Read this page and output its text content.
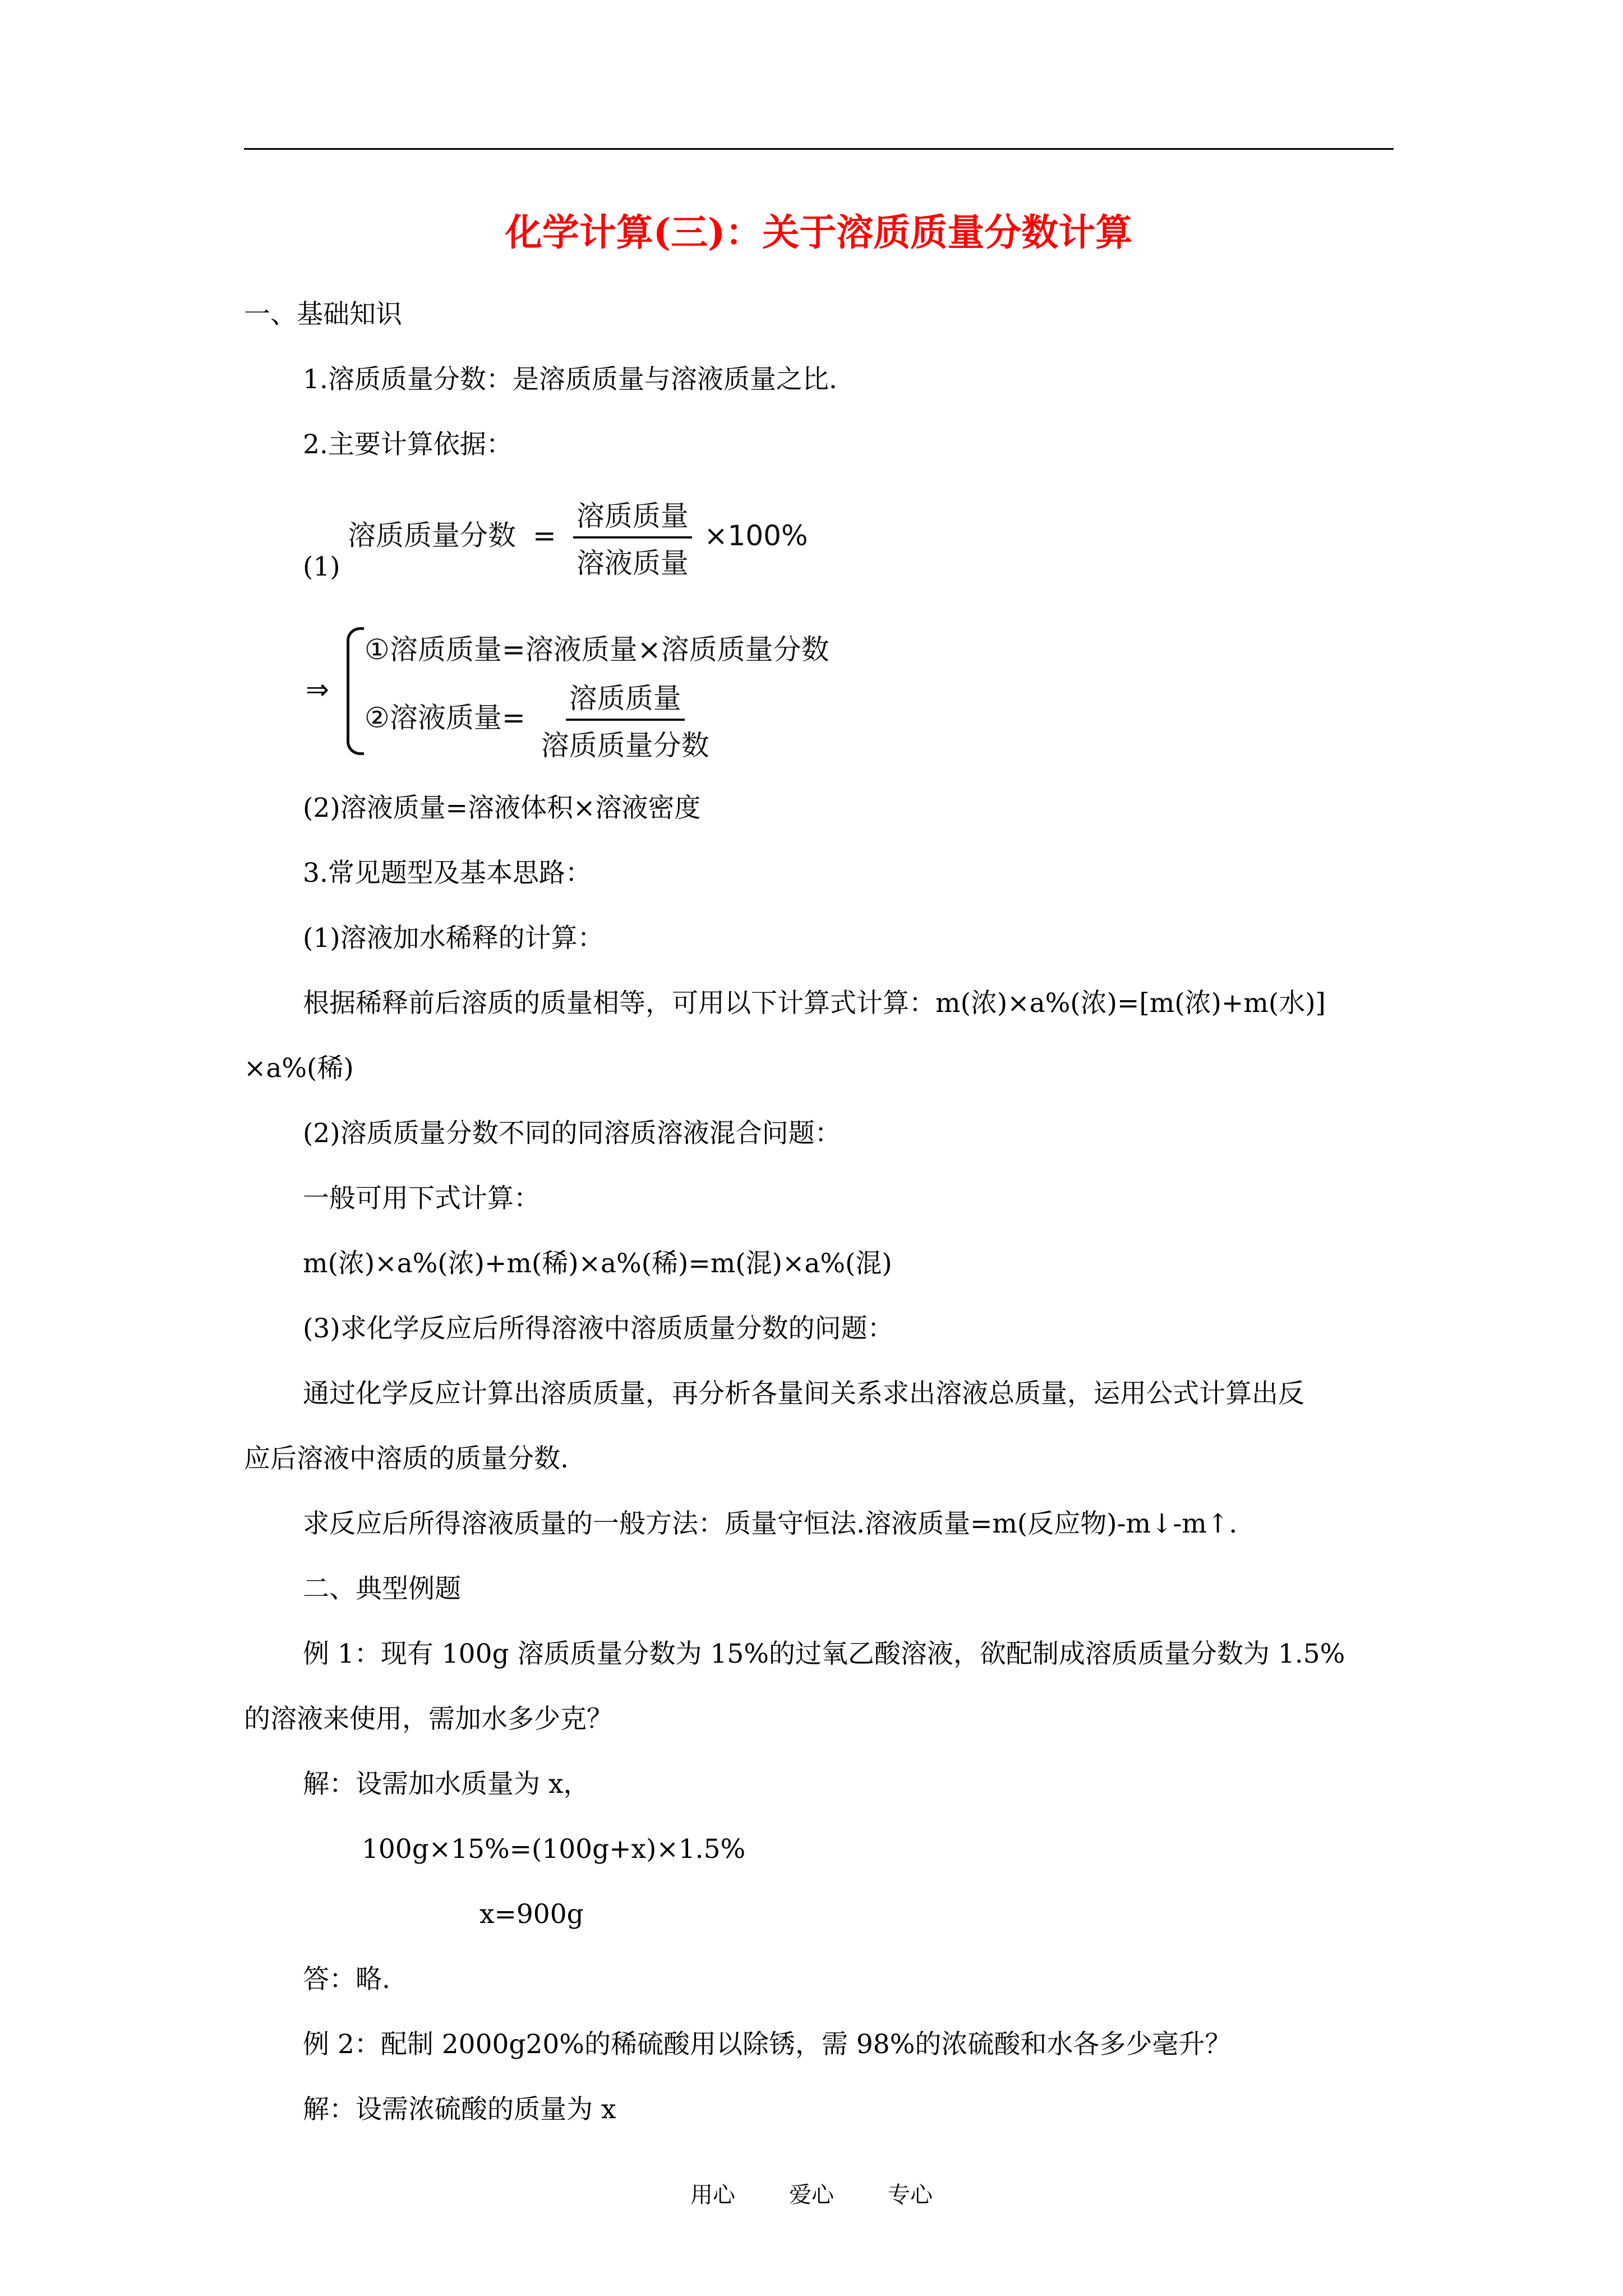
化学计算(三)：关于溶质质量分数计算
一、基础知识
1.溶质质量分数：是溶质质量与溶液质量之比.
2.主要计算依据：
溶质质量分数 = $\frac{\text{溶质质量}}{\text{溶液质量}} \times 100\%$
(1)
⇒
①溶质质量=溶液质量×溶质质量分数
②溶液质量= $\frac{\text{溶质质量}}{\text{溶质质量分数}}$
(2)溶液质量=溶液体积×溶液密度
3.常见题型及基本思路：
(1)溶液加水稀释的计算：
根据稀释前后溶质的质量相等，可用以下计算式计算：m(浓)×a%(浓)=[m(浓)+m(水)]
×a%(稀)
(2)溶质质量分数不同的同溶质溶液混合问题：
一般可用下式计算：
m(浓)×a%(浓)+m(稀)×a%(稀)=m(混)×a%(混)
(3)求化学反应后所得溶液中溶质质量分数的问题：
通过化学反应计算出溶质质量，再分析各量间关系求出溶液总质量，运用公式计算出反
应后溶液中溶质的质量分数.
求反应后所得溶液质量的一般方法：质量守恒法.溶液质量=m(反应物)-m↓-m↑.
二、典型例题
例 1：现有 100g 溶质质量分数为 15%的过氧乙酸溶液，欲配制成溶质质量分数为 1.5%
的溶液来使用，需加水多少克？
解：设需加水质量为 x，
100g×15%=(100g+x)×1.5%
x=900g
答：略.
例 2：配制 2000g20%的稀硫酸用以除锈，需 98%的浓硫酸和水各多少毫升？
解：设需浓硫酸的质量为 x
用心 爱心 专心
